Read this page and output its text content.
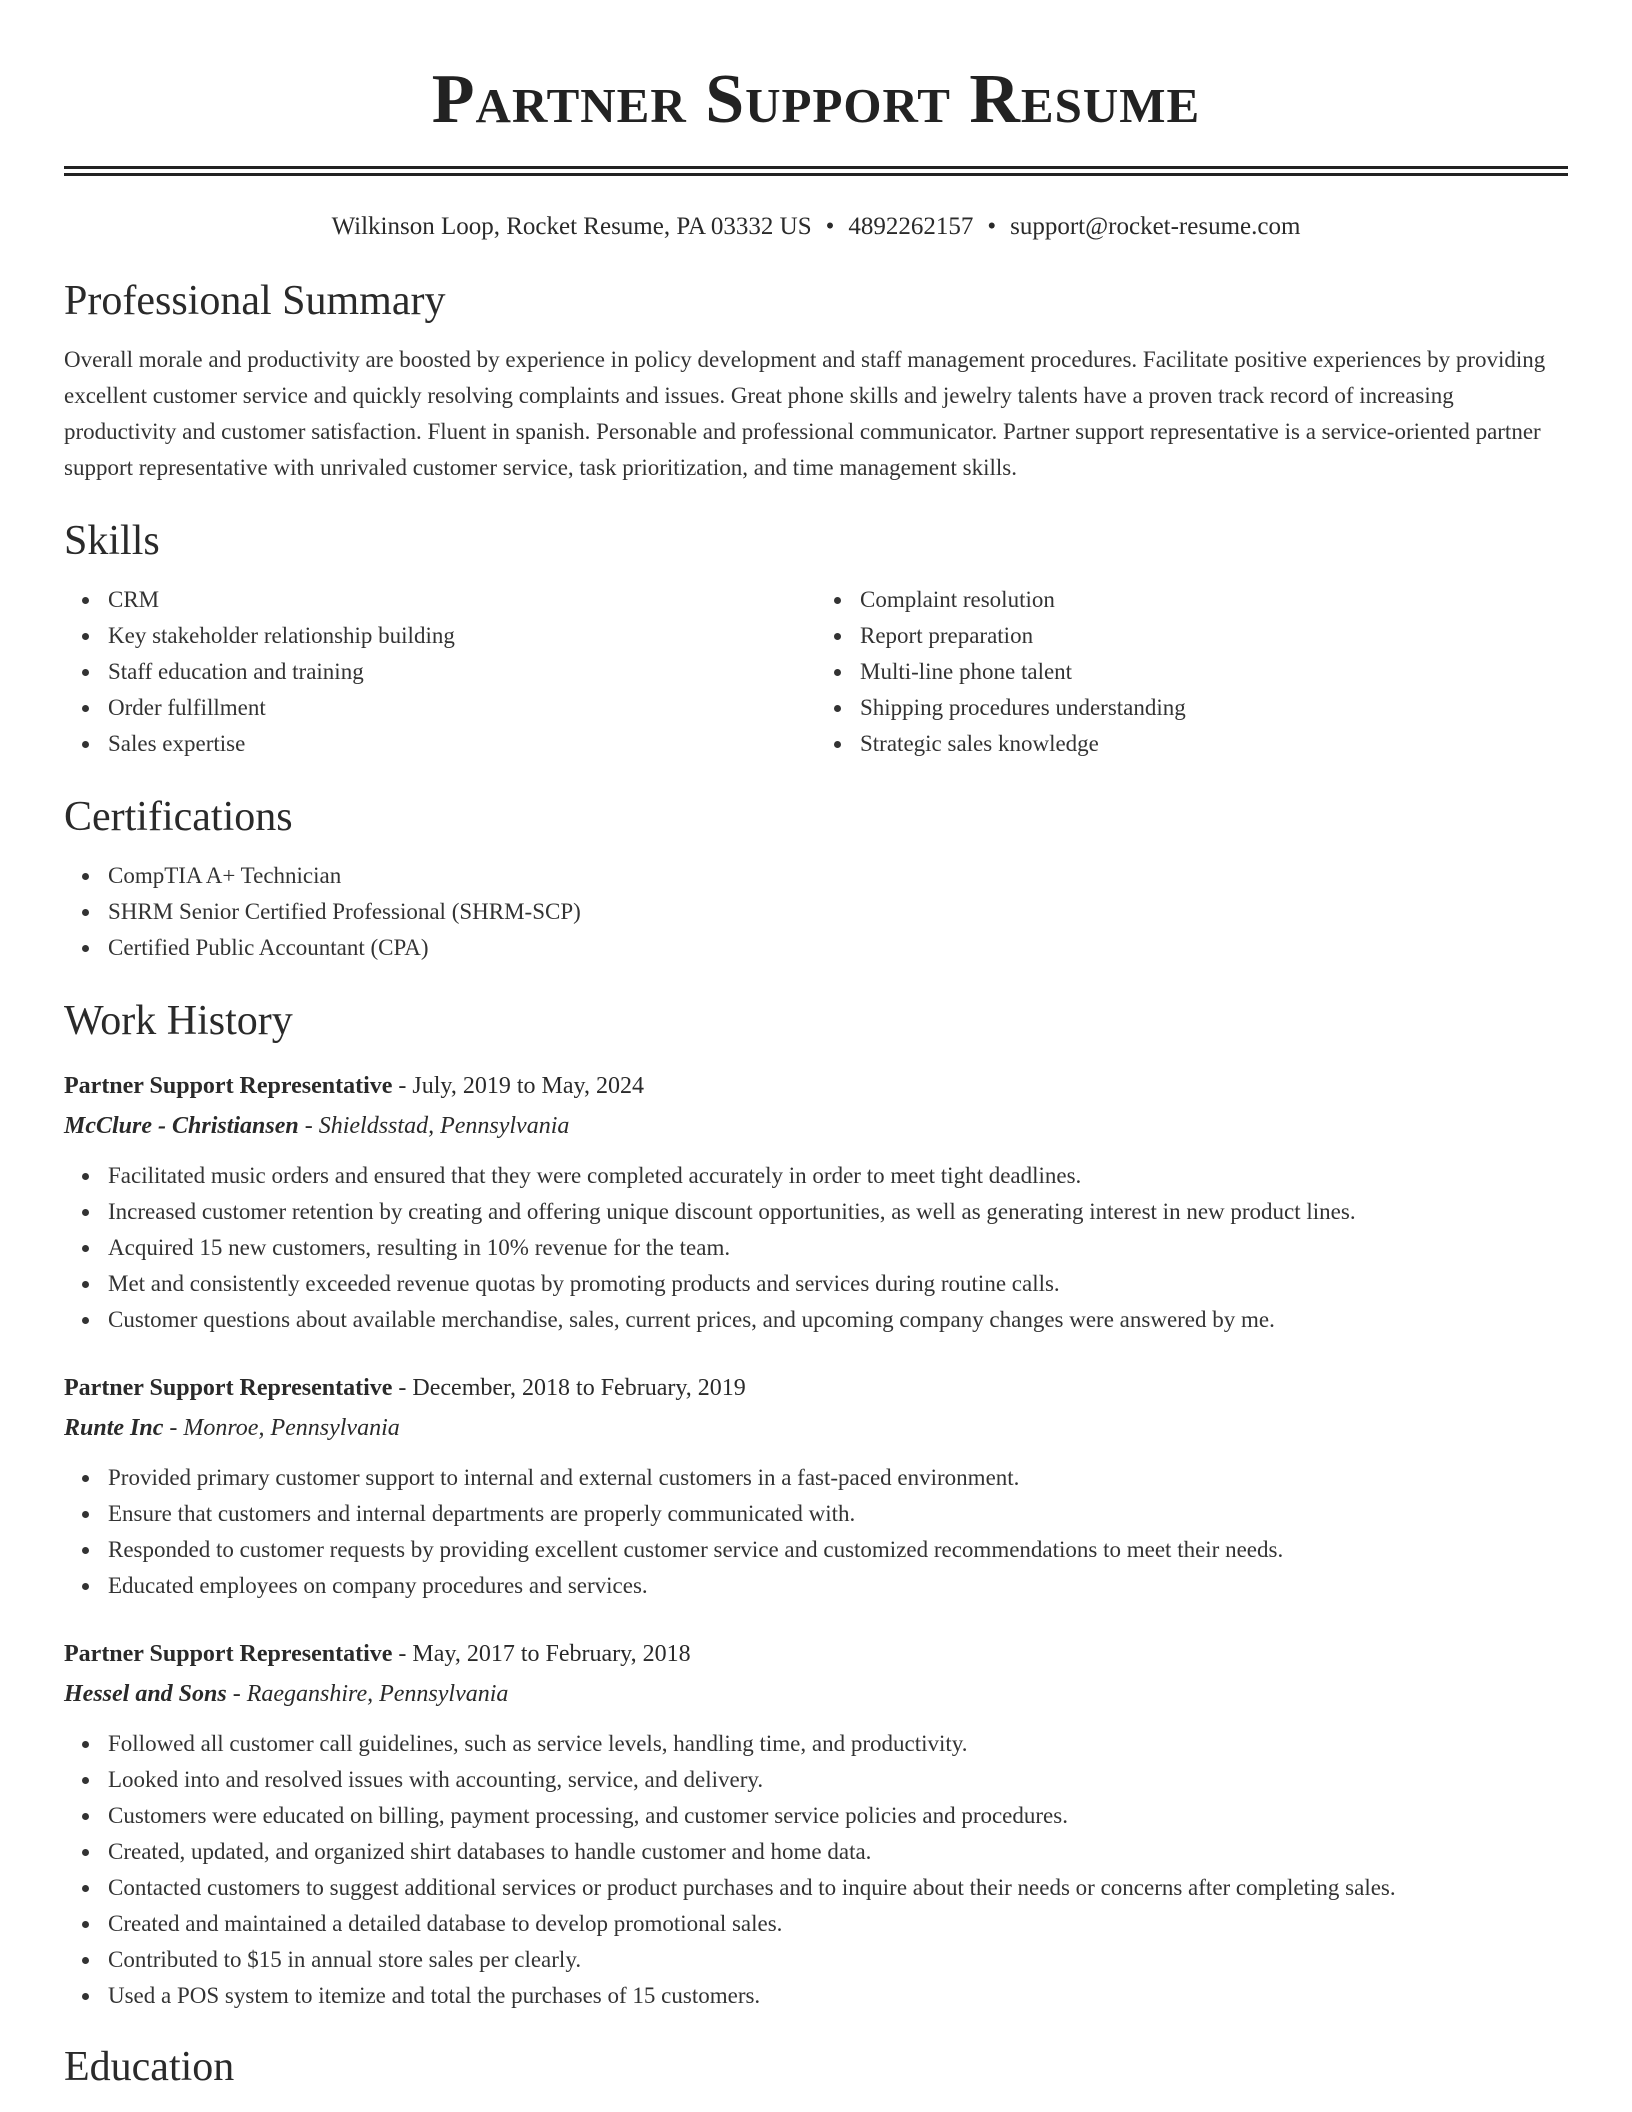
Partner Support Resume
Wilkinson Loop, Rocket Resume, PA 03332 US • 4892262157 • support@rocket-resume.com
Professional Summary

Overall morale and productivity are boosted by experience in policy development and staff management procedures. Facilitate positive experiences by providing excellent customer service and quickly resolving complaints and issues. Great phone skills and jewelry talents have a proven track record of increasing productivity and customer satisfaction. Fluent in spanish. Personable and professional communicator. Partner support representative is a service-oriented partner support representative with unrivaled customer service, task prioritization, and time management skills.

Skills
CRM
Key stakeholder relationship building
Staff education and training
Order fulfillment
Sales expertise
Complaint resolution
Report preparation
Multi-line phone talent
Shipping procedures understanding
Strategic sales knowledge
Certifications
CompTIA A+ Technician
SHRM Senior Certified Professional (SHRM-SCP)
Certified Public Accountant (CPA)
Work History
Partner Support Representative - July, 2019 to May, 2024
McClure - Christiansen - Shieldsstad, Pennsylvania
Facilitated music orders and ensured that they were completed accurately in order to meet tight deadlines.
Increased customer retention by creating and offering unique discount opportunities, as well as generating interest in new product lines.
Acquired 15 new customers, resulting in 10% revenue for the team.
Met and consistently exceeded revenue quotas by promoting products and services during routine calls.
Customer questions about available merchandise, sales, current prices, and upcoming company changes were answered by me.
Partner Support Representative - December, 2018 to February, 2019
Runte Inc - Monroe, Pennsylvania
Provided primary customer support to internal and external customers in a fast-paced environment.
Ensure that customers and internal departments are properly communicated with.
Responded to customer requests by providing excellent customer service and customized recommendations to meet their needs.
Educated employees on company procedures and services.
Partner Support Representative - May, 2017 to February, 2018
Hessel and Sons - Raeganshire, Pennsylvania
Followed all customer call guidelines, such as service levels, handling time, and productivity.
Looked into and resolved issues with accounting, service, and delivery.
Customers were educated on billing, payment processing, and customer service policies and procedures.
Created, updated, and organized shirt databases to handle customer and home data.
Contacted customers to suggest additional services or product purchases and to inquire about their needs or concerns after completing sales.
Created and maintained a detailed database to develop promotional sales.
Contributed to $15 in annual store sales per clearly.
Used a POS system to itemize and total the purchases of 15 customers.
Education
